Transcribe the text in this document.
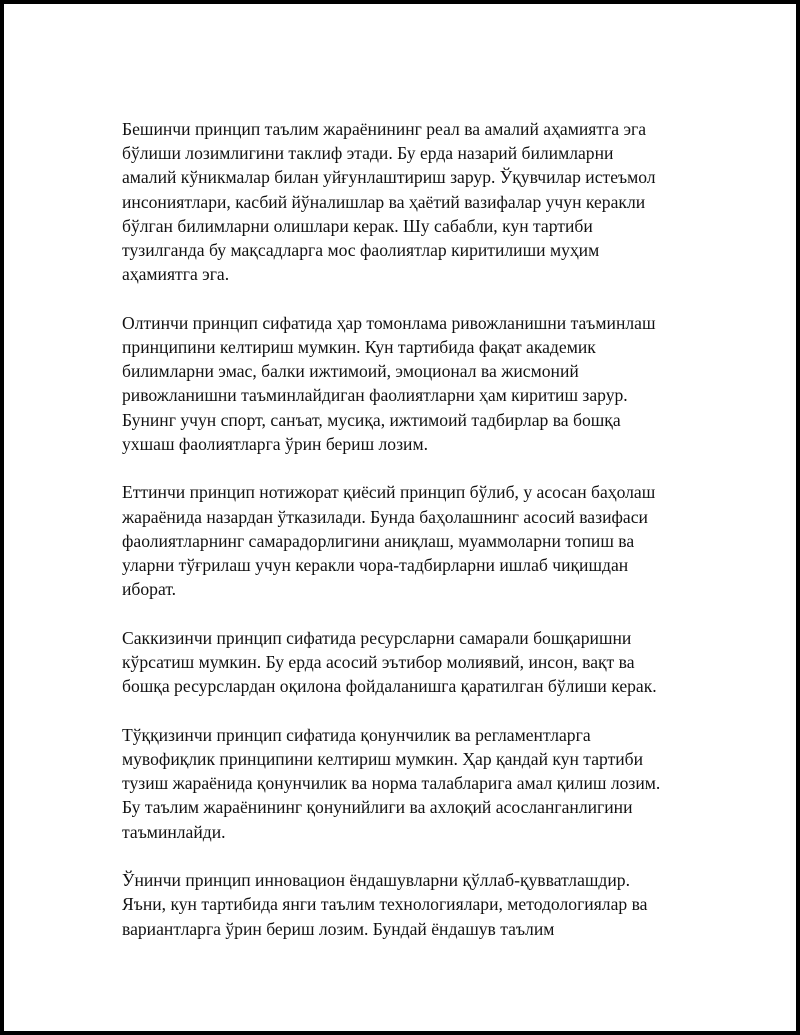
Бешинчи принцип таълим жараёнининг реал ва амалий аҳамиятга эга
бўлиши лозимлигини таклиф этади. Бу ерда назарий билимларни
амалий кўникмалар билан уйғунлаштириш зарур. Ўқувчилар истеъмол
инсониятлари, касбий йўналишлар ва ҳаётий вазифалар учун керакли
бўлган билимларни олишлари керак. Шу сабабли, кун тартиби
тузилганда бу мақсадларга мос фаолиятлар киритилиши муҳим
аҳамиятга эга.

Олтинчи принцип сифатида ҳар томонлама ривожланишни таъминлаш
принципини келтириш мумкин. Кун тартибида фақат академик
билимларни эмас, балки ижтимоий, эмоционал ва жисмоний
ривожланишни таъминлайдиган фаолиятларни ҳам киритиш зарур.
Бунинг учун спорт, санъат, мусиқа, ижтимоий тадбирлар ва бошқа
ухшаш фаолиятларга ўрин бериш лозим.

Еттинчи принцип нотижорат қиёсий принцип бўлиб, у асосан баҳолаш
жараёнида назардан ўтказилади. Бунда баҳолашнинг асосий вазифаси
фаолиятларнинг самарадорлигини аниқлаш, муаммоларни топиш ва
уларни тўғрилаш учун керакли чора-тадбирларни ишлаб чиқишдан
иборат.

Саккизинчи принцип сифатида ресурсларни самарали бошқаришни
кўрсатиш мумкин. Бу ерда асосий эътибор молиявий, инсон, вақт ва
бошқа ресурслардан оқилона фойдаланишга қаратилган бўлиши керак.

Тўққизинчи принцип сифатида қонунчилик ва регламентларга
мувофиқлик принципини келтириш мумкин. Ҳар қандай кун тартиби
тузиш жараёнида қонунчилик ва норма талабларига амал қилиш лозим.
Бу таълим жараёнининг қонунийлиги ва ахлоқий асосланганлигини
таъминлайди.

Ўнинчи принцип инновацион ёндашувларни қўллаб-қувватлашдир.
Яъни, кун тартибида янги таълим технологиялари, методологиялар ва
вариантларга ўрин бериш лозим. Бундай ёндашув таълим
